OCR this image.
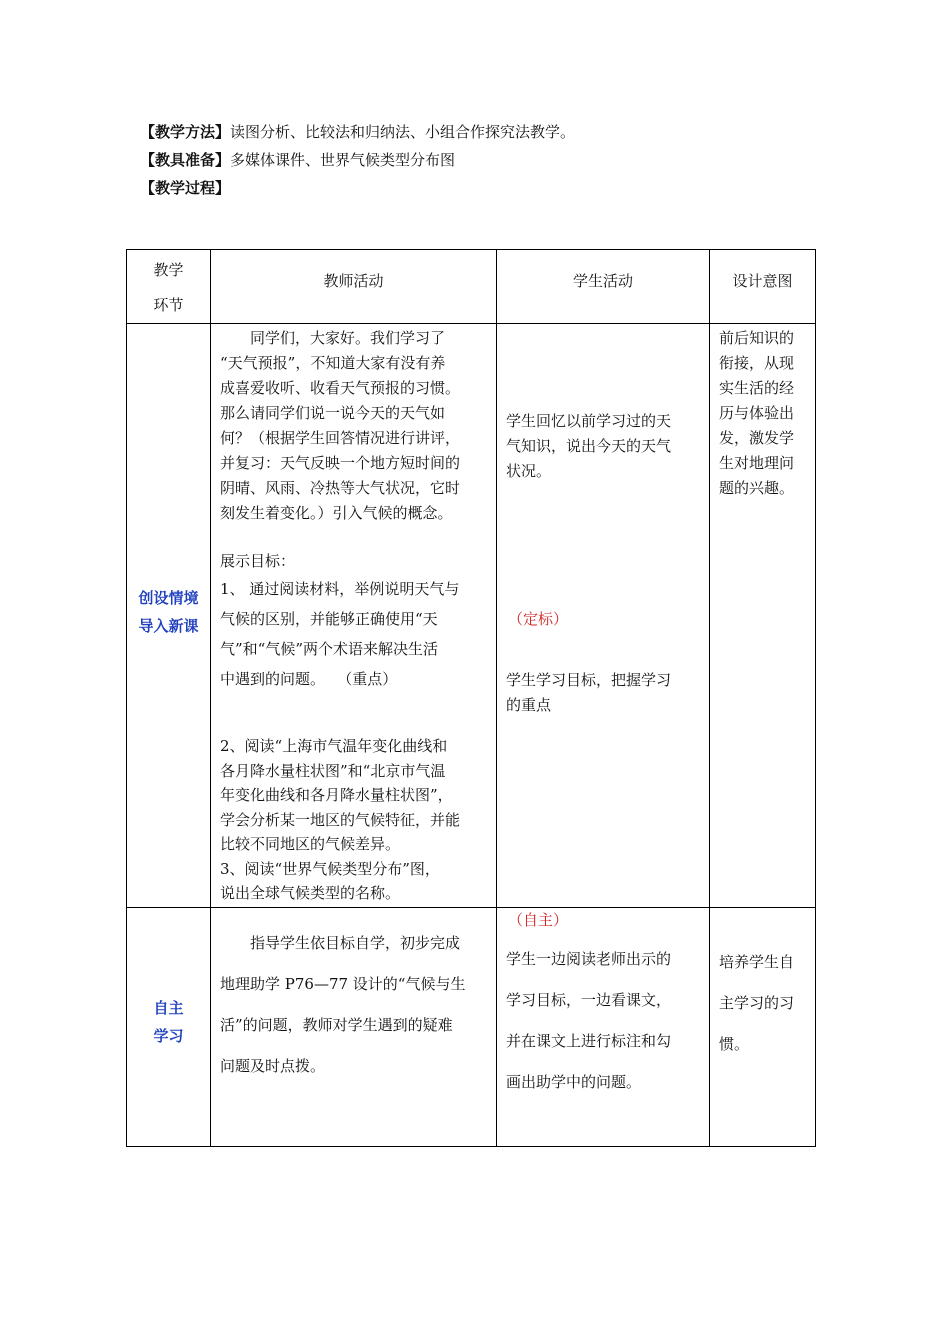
【教学方法】读图分析、比较法和归纳法、小组合作探究法教学。
【教具准备】多媒体课件、世界气候类型分布图
【教学过程】
教学
环节
教师活动	学生活动	设计意图
创设情境
导入新课
　　同学们，大家好。我们学习了
“天气预报”，不知道大家有没有养
成喜爱收听、收看天气预报的习惯。
那么请同学们说一说今天的天气如
何？（根据学生回答情况进行讲评，
并复习：天气反映一个地方短时间的
阴晴、风雨、冷热等大气状况，它时
刻发生着变化。）引入气候的概念。
展示目标：
1、 通过阅读材料，举例说明天气与
气候的区别，并能够正确使用“天
气”和“气候”两个术语来解决生活
中遇到的问题。　 （重点）
2、阅读“上海市气温年变化曲线和
各月降水量柱状图”和“北京市气温
年变化曲线和各月降水量柱状图”，
学会分析某一地区的气候特征，并能
比较不同地区的气候差异。
3、阅读“世界气候类型分布”图，
说出全球气候类型的名称。
学生回忆以前学习过的天
气知识，说出今天的天气
状况。
（定标）
学生学习目标，把握学习
的重点
前后知识的
衔接，从现
实生活的经
历与体验出
发，激发学
生对地理问
题的兴趣。
自主
学习
　　指导学生依目标自学，初步完成
地理助学 P76—77 设计的“气候与生
活”的问题，教师对学生遇到的疑难
问题及时点拨。
（自主）
学生一边阅读老师出示的
学习目标，一边看课文，
并在课文上进行标注和勾
画出助学中的问题。
培养学生自
主学习的习
惯。
